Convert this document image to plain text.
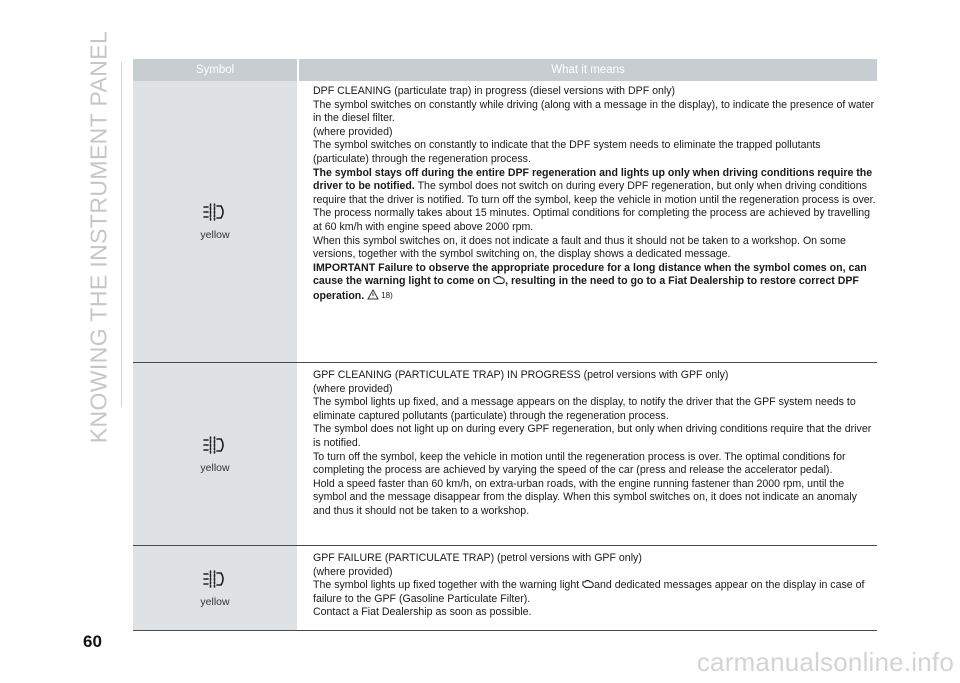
KNOWING THE INSTRUMENT PANEL	Symbol	What it means
yellow

DPF CLEANING (particulate trap) in progress (diesel versions with DPF only)

The symbol switches on constantly while driving (along with a message in the display), to indicate the presence of water in the diesel filter.

(where provided)

The symbol switches on constantly to indicate that the DPF system needs to eliminate the trapped pollutants (particulate) through the regeneration process.

The symbol stays off during the entire DPF regeneration and lights up only when driving conditions require the driver to be notified. The symbol does not switch on during every DPF regeneration, but only when driving conditions require that the driver is notified. To turn off the symbol, keep the vehicle in motion until the regeneration process is over.

The process normally takes about 15 minutes. Optimal conditions for completing the process are achieved by travelling at 60 km/h with engine speed above 2000 rpm.

When this symbol switches on, it does not indicate a fault and thus it should not be taken to a workshop. On some versions, together with the symbol switching on, the display shows a dedicated message.

IMPORTANT Failure to observe the appropriate procedure for a long distance when the symbol comes on, can cause the warning light to come on , resulting in the need to go to a Fiat Dealership to restore correct DPF operation. 18)

yellow

GPF CLEANING (PARTICULATE TRAP) IN PROGRESS (petrol versions with GPF only)

(where provided)

The symbol lights up fixed, and a message appears on the display, to notify the driver that the GPF system needs to eliminate captured pollutants (particulate) through the regeneration process.

The symbol does not light up on during every GPF regeneration, but only when driving conditions require that the driver is notified.

To turn off the symbol, keep the vehicle in motion until the regeneration process is over. The optimal conditions for completing the process are achieved by varying the speed of the car (press and release the accelerator pedal).

Hold a speed faster than 60 km/h, on extra-urban roads, with the engine running fastener than 2000 rpm, until the symbol and the message disappear from the display. When this symbol switches on, it does not indicate an anomaly and thus it should not be taken to a workshop.

yellow

GPF FAILURE (PARTICULATE TRAP) (petrol versions with GPF only)

(where provided)

The symbol lights up fixed together with the warning light and dedicated messages appear on the display in case of failure to the GPF (Gasoline Particulate Filter).

Contact a Fiat Dealership as soon as possible.

60
carmanualsonline.info
